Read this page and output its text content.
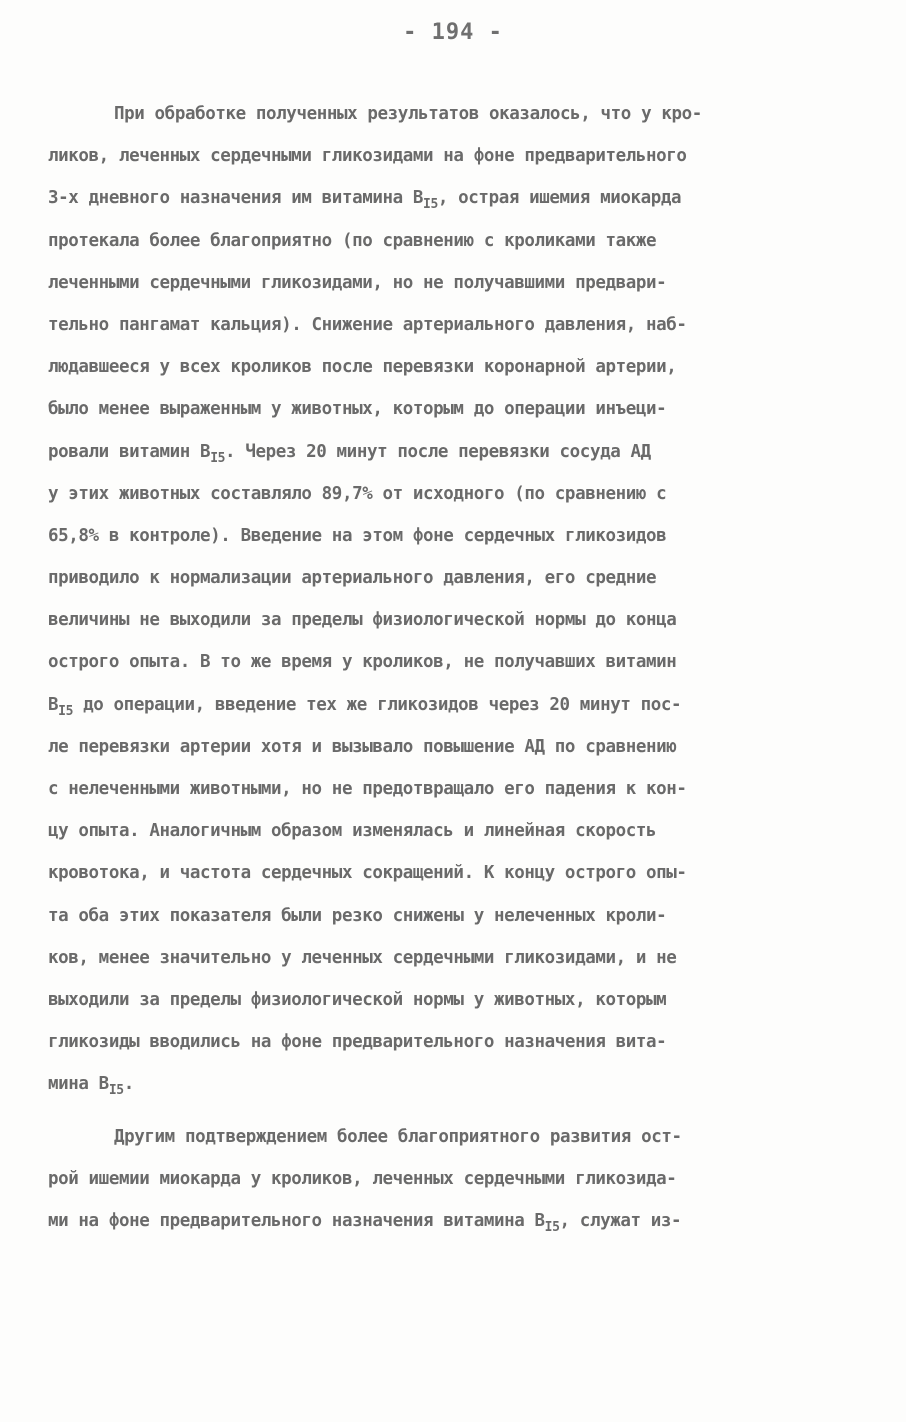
- 194 -
При обработке полученных результатов оказалось, что у кро-
ликов, леченных сердечными гликозидами на фоне предварительного
3-х дневного назначения им витамина $B_{I5}$, острая ишемия миокарда
протекала более благоприятно (по сравнению с кроликами также
леченными сердечными гликозидами, но не получавшими предвари-
тельно пангамат кальция). Снижение артериального давления, наб-
людавшееся у всех кроликов после перевязки коронарной артерии,
было менее выраженным у животных, которым до операции инъеци-
ровали витамин $B_{I5}$. Через 20 минут после перевязки сосуда АД
у этих животных составляло 89,7% от исходного (по сравнению с
65,8% в контроле). Введение на этом фоне сердечных гликозидов
приводило к нормализации артериального давления, его средние
величины не выходили за пределы физиологической нормы до конца
острого опыта. В то же время у кроликов, не получавших витамин
$B_{I5}$ до операции, введение тех же гликозидов через 20 минут пос-
ле перевязки артерии хотя и вызывало повышение АД по сравнению
с нелеченными животными, но не предотвращало его падения к кон-
цу опыта. Аналогичным образом изменялась и линейная скорость
кровотока, и частота сердечных сокращений. К концу острого опы-
та оба этих показателя были резко снижены у нелеченных кроли-
ков, менее значительно у леченных сердечными гликозидами, и не
выходили за пределы физиологической нормы у животных, которым
гликозиды вводились на фоне предварительного назначения вита-
мина $B_{I5}$.
Другим подтверждением более благоприятного развития ост-
рой ишемии миокарда у кроликов, леченных сердечными гликозида-
ми на фоне предварительного назначения витамина $B_{I5}$, служат из-
